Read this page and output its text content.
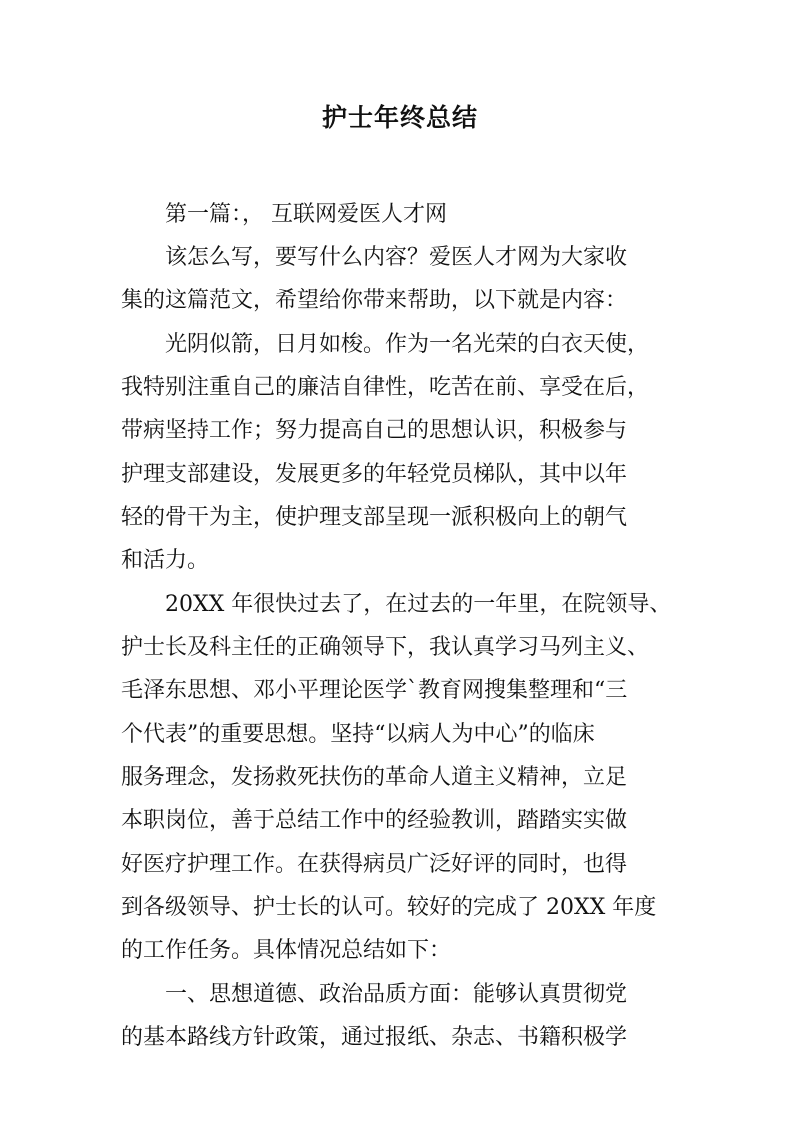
护士年终总结
第一篇：， 互联网爱医人才网
该怎么写，要写什么内容？爱医人才网为大家收
集的这篇范文，希望给你带来帮助，以下就是内容：
光阴似箭，日月如梭。作为一名光荣的白衣天使，
我特别注重自己的廉洁自律性，吃苦在前、享受在后，
带病坚持工作；努力提高自己的思想认识，积极参与
护理支部建设，发展更多的年轻党员梯队，其中以年
轻的骨干为主，使护理支部呈现一派积极向上的朝气
和活力。
20XX 年很快过去了，在过去的一年里，在院领导、
护士长及科主任的正确领导下，我认真学习马列主义、
毛泽东思想、邓小平理论医学`教育网搜集整理和“三
个代表”的重要思想。坚持“以病人为中心”的临床
服务理念，发扬救死扶伤的革命人道主义精神，立足
本职岗位，善于总结工作中的经验教训，踏踏实实做
好医疗护理工作。在获得病员广泛好评的同时，也得
到各级领导、护士长的认可。较好的完成了 20XX 年度
的工作任务。具体情况总结如下：
一、思想道德、政治品质方面：能够认真贯彻党
的基本路线方针政策，通过报纸、杂志、书籍积极学
